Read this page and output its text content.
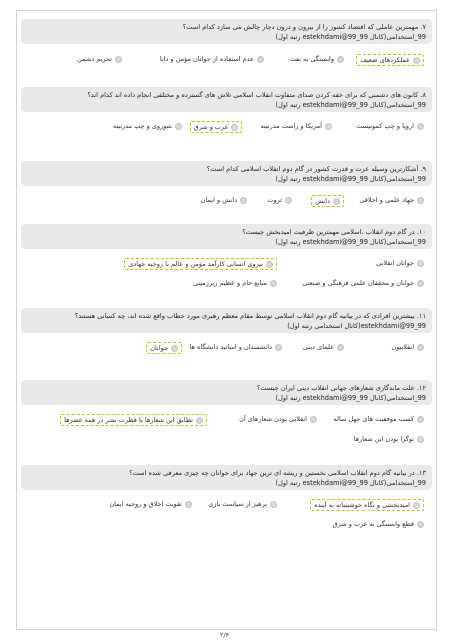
۷. مهمترین عاملی که اقتصاد کشور را از بیرون و درون دچار چالش می سازد کدام است؟
99_استخدامی(کانال estekhdami@99_99 رتبه اول)
عملکردهای ضعیف
وابستگی به نفت
عدم استفاده از جوانان مؤمن و دانا
تحریم دشمن
۸. کانون های دشمنی که برای خفه کردن صدای متفاوت انقلاب اسلامی تلاش های گسترده و مختلفی انجام داده اند کدام اند؟
99_استخدامی(کانال estekhdami@99_99 رتبه اول)
اروپا و چپ کمونیست
آمریکا و راست مدرنیته
غرب و شرق
شوروی و چپ مدرنیته
۹. آشکارترین وسیله عزت و قدرت کشور در گام دوم انقلاب اسلامی کدام است؟
99_استخدامی(کانال estekhdami@99_99 رتبه اول)
جهاد علمی و اخلاقی
دانش
ثروت
دانش و ایمان
۱۰. در گام دوم انقلاب ،اسلامی مهمترین ظرفیت امیدبخش چیست؟
99_استخدامی(کانال estekhdami@99_99 رتبه اول)
جوانان انقلابی
نیروی انسانی کارآمد مؤمن و عالم با روحیه جهادی
جوانان و محققان علمی فرهنگی و صنعتی
منابع خام و عظیم زیرزمینی
۱۱. بیشترین افرادی که در بیانیه گام دوم انقلاب اسلامی توسط مقام معظم رهبری مورد خطاب واقع شده اند، چه کسانی هستند؟99_99@estekhdami(کانال استخدامی رتبه اول)
انقلابیون
علمای دینی
دانشمندان و اساتید دانشگاه ها
جوانان
۱۲. علت ماندگاری شعارهای جهانی انقلاب دینی ایران چیست؟
99_استخدامی(کانال estekhdami@99_99 رتبه اول)
کسب موفقیت های چهل ساله
انقلابی بودن شعارهای آن
تطابق این شعارها با فطرت بشر در همه عصرها
نوگرا بودن این شعارها
۱۳. در بیانیه گام دوم انقلاب اسلامی نخستین و ریشه ای ترین جهاد برای جوانان چه چیزی معرفی شده است؟
99_استخدامی(کانال estekhdami@99_99 رتبه اول)
امیدبخشی و نگاه خوشبینانه به آینده
پرهیز از سیاست بازی
تقویت اخلاق و روحیه ایمان
قطع وابستگی به غرب و شرق
۲/۴
